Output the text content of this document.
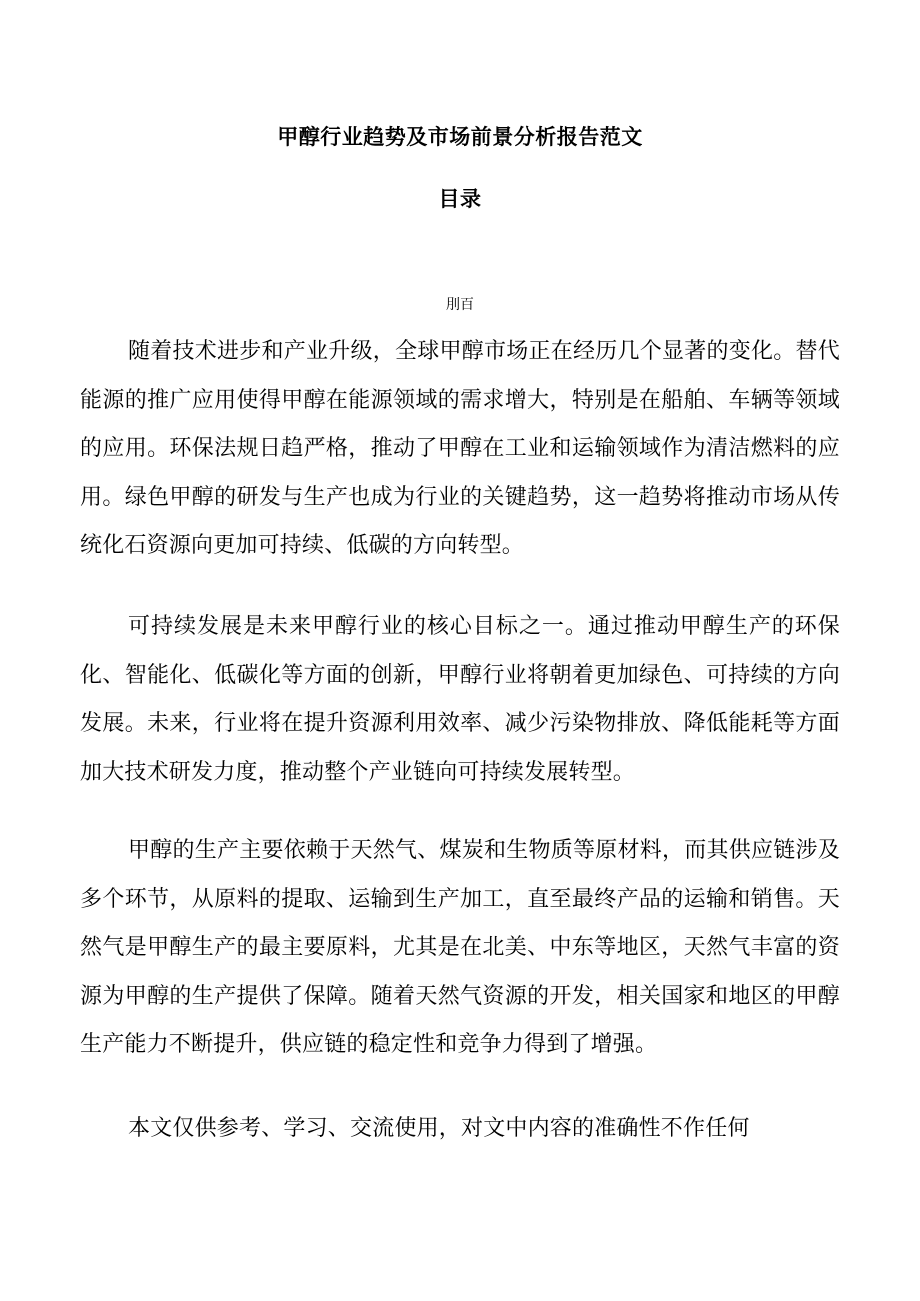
甲醇行业趋势及市场前景分析报告范文
目录
刖百

随着技术进步和产业升级，全球甲醇市场正在经历几个显著的变化。替代能源的推广应用使得甲醇在能源领域的需求增大，特别是在船舶、车辆等领域的应用。环保法规日趋严格，推动了甲醇在工业和运输领域作为清洁燃料的应用。绿色甲醇的研发与生产也成为行业的关键趋势，这一趋势将推动市场从传统化石资源向更加可持续、低碳的方向转型。

可持续发展是未来甲醇行业的核心目标之一。通过推动甲醇生产的环保化、智能化、低碳化等方面的创新，甲醇行业将朝着更加绿色、可持续的方向发展。未来，行业将在提升资源利用效率、减少污染物排放、降低能耗等方面加大技术研发力度，推动整个产业链向可持续发展转型。

甲醇的生产主要依赖于天然气、煤炭和生物质等原材料，而其供应链涉及多个环节，从原料的提取、运输到生产加工，直至最终产品的运输和销售。天然气是甲醇生产的最主要原料，尤其是在北美、中东等地区，天然气丰富的资源为甲醇的生产提供了保障。随着天然气资源的开发，相关国家和地区的甲醇生产能力不断提升，供应链的稳定性和竞争力得到了增强。

本文仅供参考、学习、交流使用，对文中内容的准确性不作任何
